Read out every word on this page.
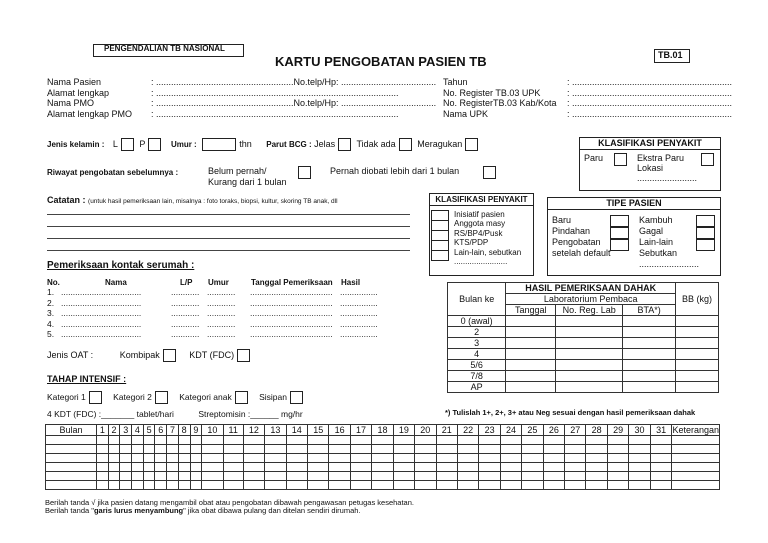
PENGENDALIAN TB NASIONAL
KARTU PENGOBATAN PASIEN TB	TB.01
Nama Pasien	: .......................................................No.telp/Hp: ......................................
Alamat lengkap	: .................................................................................................
Nama PMO	: .......................................................No.telp/Hp: ......................................
Alamat lengkap PMO : .................................................................................................
Tahun	: ................................................................
No. Register TB.03 UPK	: ................................................................
No. RegisterTB.03 Kab/Kota : ................................................................
Nama UPK	: ................................................................
Jenis kelamin : L P	Umur :	thn Parut BCG : Jelas Tidak ada Meragukan	KLASIFIKASI PENYAKIT
Paru	Ekstra Paru
Lokasi
........................
Riwayat pengobatan sebelumnya :	Belum pernah/
Kurang dari 1 bulan
Pernah diobati lebih dari 1 bulan
Catatan : (untuk hasil pemeriksaan lain, misalnya : foto toraks, biopsi, kultur, skoring TB anak, dll	KLASIFIKASI PENYAKIT
Inisiatif pasien
Anggota masy
RS/BP4/Pusk
KTS/PDP
Lain-lain, sebutkan
........................
TIPE PASIEN
Baru
Pindahan
Pengobatan
setelah default
Kambuh
Gagal
Lain-lain
Sebutkan
........................
Pemeriksaan kontak serumah :
No.	Nama	L/P Umur	Tanggal Pemeriksaan Hasil
1. ..................................	............ ............ ................................... ................
2. ..................................	............ ............ ................................... ................
3. ..................................	............ ............ ................................... ................
4. ..................................	............ ............ ................................... ................
5. ..................................	............ ............ ................................... ................
Jenis OAT :	Kombipak	KDT (FDC)
TAHAP INTENSIF :
Kategori 1	Kategori 2	Kategori anak	Sisipan
4 KDT (FDC) :_______ tablet/hari	Streptomisin :______ mg/hr
Bulan ke	HASIL PEMERIKSAAN DAHAK			BB (kg)
	Laboratorium Pembaca			
	Tanggal	No. Reg. Lab	BTA*)	
0 (awal)				
2				
3				
4				
5/6				
7/8				
AP				
*) Tulislah 1+, 2+, 3+ atau Neg sesuai dengan hasil pemeriksaan dahak
Bulan	1	2	3	4	5	6	7	8	9	10	11	12	13	14	15	16	17	18	19	20	21	22	23	24	25	26	27	28	29	30	31	Keterangan

Berilah tanda √ jika pasien datang mengambil obat atau pengobatan dibawah pengawasan petugas kesehatan.
Berilah tanda "garis lurus menyambung" jika obat dibawa pulang dan ditelan sendiri dirumah.
